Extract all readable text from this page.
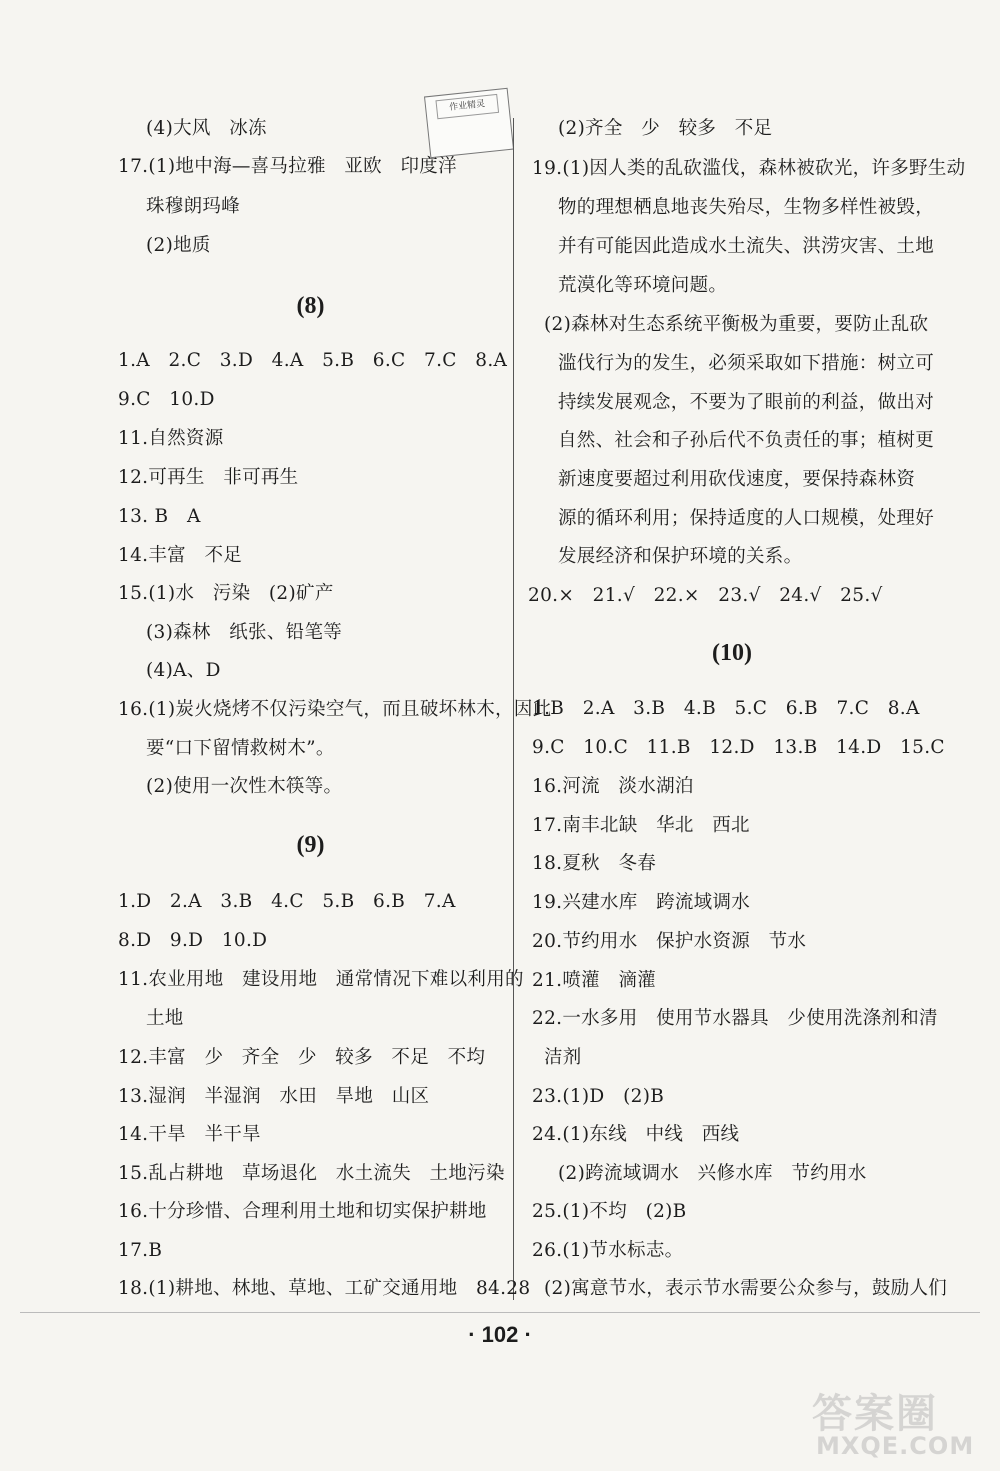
作业精灵
(4)大风   冰冻
17.(1)地中海—喜马拉雅   亚欧   印度洋
珠穆朗玛峰
(2)地质
(8)
1.A   2.C   3.D   4.A   5.B   6.C   7.C   8.A
9.C   10.D
11.自然资源
12.可再生   非可再生
13. B   A
14.丰富   不足
15.(1)水   污染   (2)矿产
(3)森林   纸张、铅笔等
(4)A、D
16.(1)炭火烧烤不仅污染空气，而且破坏林木，因此
要“口下留情救树木”。
(2)使用一次性木筷等。
(9)
1.D   2.A   3.B   4.C   5.B   6.B   7.A
8.D   9.D   10.D
11.农业用地   建设用地   通常情况下难以利用的
土地
12.丰富   少   齐全   少   较多   不足   不均
13.湿润   半湿润   水田   旱地   山区
14.干旱   半干旱
15.乱占耕地   草场退化   水土流失   土地污染
16.十分珍惜、合理利用土地和切实保护耕地
17.B
18.(1)耕地、林地、草地、工矿交通用地   84.28
(2)齐全   少   较多   不足
19.(1)因人类的乱砍滥伐，森林被砍光，许多野生动
物的理想栖息地丧失殆尽，生物多样性被毁，
并有可能因此造成水土流失、洪涝灾害、土地
荒漠化等环境问题。
(2)森林对生态系统平衡极为重要，要防止乱砍
滥伐行为的发生，必须采取如下措施：树立可
持续发展观念，不要为了眼前的利益，做出对
自然、社会和子孙后代不负责任的事；植树更
新速度要超过利用砍伐速度，要保持森林资
源的循环利用；保持适度的人口规模，处理好
发展经济和保护环境的关系。
20.×   21.√   22.×   23.√   24.√   25.√
(10)
1.B   2.A   3.B   4.B   5.C   6.B   7.C   8.A
9.C   10.C   11.B   12.D   13.B   14.D   15.C
16.河流   淡水湖泊
17.南丰北缺   华北   西北
18.夏秋   冬春
19.兴建水库   跨流域调水
20.节约用水   保护水资源   节水
21.喷灌   滴灌
22.一水多用   使用节水器具   少使用洗涤剂和清
洁剂
23.(1)D   (2)B
24.(1)东线   中线   西线
(2)跨流域调水   兴修水库   节约用水
25.(1)不均   (2)B
26.(1)节水标志。
(2)寓意节水，表示节水需要公众参与，鼓励人们
· 102 ·
答案圈
MXQE.COM
